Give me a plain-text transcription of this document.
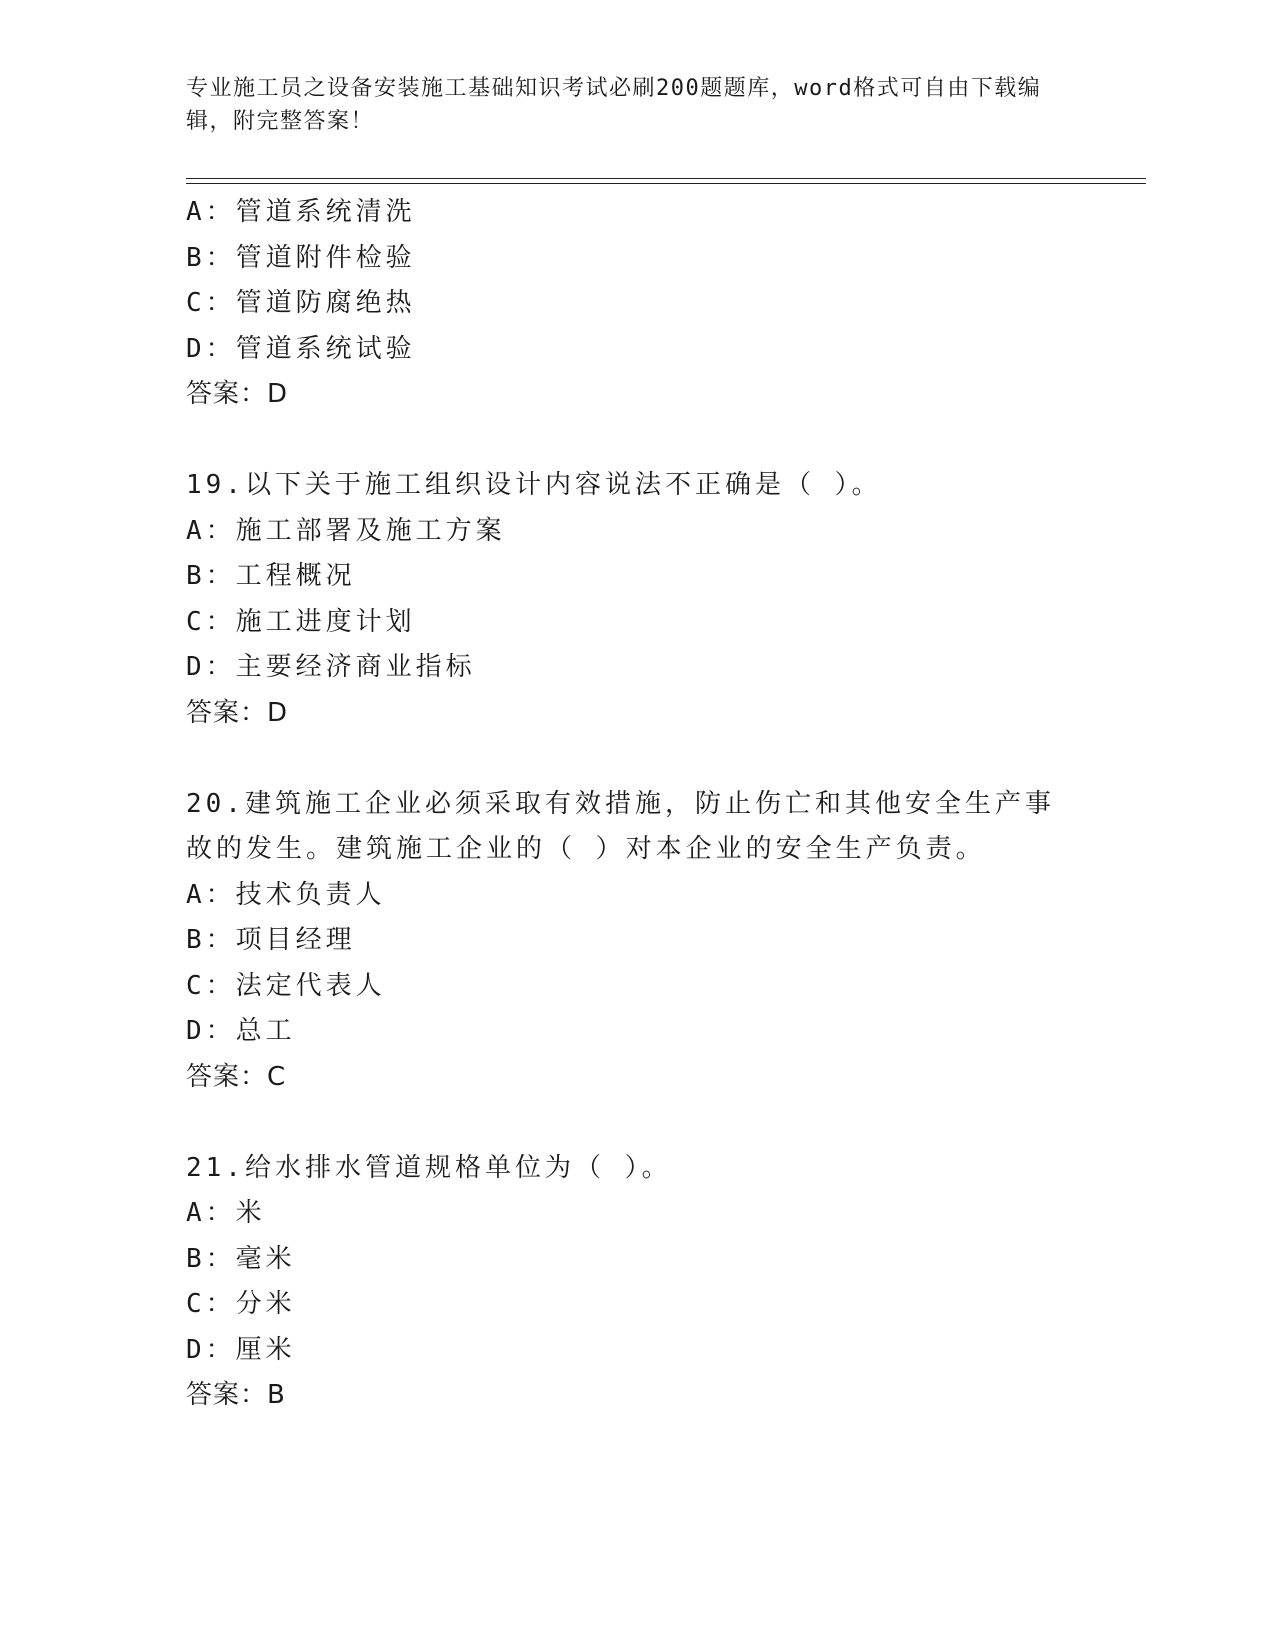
专业施工员之设备安装施工基础知识考试必刷200题题库，word格式可自由下载编辑，附完整答案！
A：管道系统清洗
B：管道附件检验
C：管道防腐绝热
D：管道系统试验
答案：D
19.以下关于施工组织设计内容说法不正确是（ ）。
A：施工部署及施工方案
B：工程概况
C：施工进度计划
D：主要经济商业指标
答案：D
20.建筑施工企业必须采取有效措施，防止伤亡和其他安全生产事故的发生。建筑施工企业的（ ）对本企业的安全生产负责。
A：技术负责人
B：项目经理
C：法定代表人
D：总工
答案：C
21.给水排水管道规格单位为（ ）。
A：米
B：毫米
C：分米
D：厘米
答案：B
